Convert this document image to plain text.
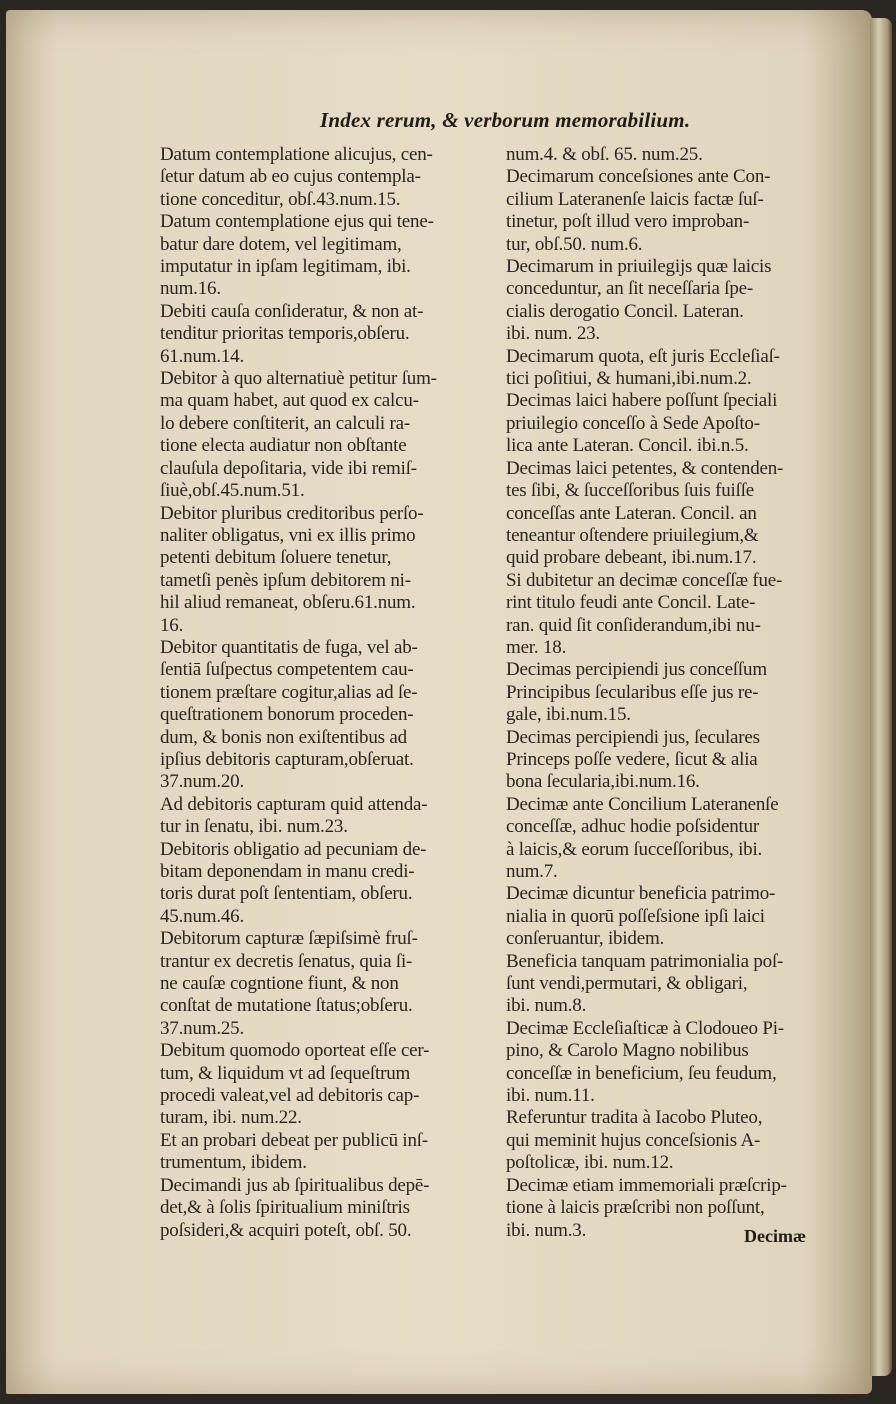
Index rerum, & verborum memorabilium.

Datum contemplatione alicujus, cen-
ſetur datum ab eo cujus contempla-
tione conceditur, obſ.43.num.15.

Datum contemplatione ejus qui tene-
batur dare dotem, vel legitimam,
imputatur in ipſam legitimam, ibi.
num.16.

Debiti cauſa conſideratur, & non at-
tenditur prioritas temporis,obſeru.
61.num.14.

Debitor à quo alternatiuè petitur ſum-
ma quam habet, aut quod ex calcu-
lo debere conſtiterit, an calculi ra-
tione electa audiatur non obſtante
clauſula depoſitaria, vide ibi remiſ-
ſiuè,obſ.45.num.51.

Debitor pluribus creditoribus perſo-
naliter obligatus, vni ex illis primo
petenti debitum ſoluere tenetur,
tametſi penès ipſum debitorem ni-
hil aliud remaneat, obſeru.61.num.
16.

Debitor quantitatis de fuga, vel ab-
ſentiā ſuſpectus competentem cau-
tionem præſtare cogitur,alias ad ſe-
queſtrationem bonorum proceden-
dum, & bonis non exiſtentibus ad
ipſius debitoris capturam,obſeruat.
37.num.20.

Ad debitoris capturam quid attenda-
tur in ſenatu, ibi. num.23.

Debitoris obligatio ad pecuniam de-
bitam deponendam in manu credi-
toris durat poſt ſententiam, obſeru.
45.num.46.

Debitorum capturæ ſæpiſsimè fruſ-
trantur ex decretis ſenatus, quia ſi-
ne cauſæ cogntione fiunt, & non
conſtat de mutatione ſtatus;obſeru.
37.num.25.

Debitum quomodo oporteat eſſe cer-
tum, & liquidum vt ad ſequeſtrum
procedi valeat,vel ad debitoris cap-
turam, ibi. num.22.

Et an probari debeat per publicū inſ-
trumentum, ibidem.

Decimandi jus ab ſpiritualibus depē-
det,& à ſolis ſpiritualium miniſtris
poſsideri,& acquiri poteſt, obſ. 50.

num.4. & obſ. 65. num.25.

Decimarum conceſsiones ante Con-
cilium Lateranenſe laicis factæ ſuſ-
tinetur, poſt illud vero improban-
tur, obſ.50. num.6.

Decimarum in priuilegijs quæ laicis
conceduntur, an ſit neceſſaria ſpe-
cialis derogatio Concil. Lateran.
ibi. num. 23.

Decimarum quota, eſt juris Eccleſiaſ-
tici poſitiui, & humani,ibi.num.2.

Decimas laici habere poſſunt ſpeciali
priuilegio conceſſo à Sede Apoſto-
lica ante Lateran. Concil. ibi.n.5.

Decimas laici petentes, & contenden-
tes ſibi, & ſucceſſoribus ſuis fuiſſe
conceſſas ante Lateran. Concil. an
teneantur oſtendere priuilegium,&
quid probare debeant, ibi.num.17.

Si dubitetur an decimæ conceſſæ fue-
rint titulo feudi ante Concil. Late-
ran. quid ſit conſiderandum,ibi nu-
mer. 18.

Decimas percipiendi jus conceſſum
Principibus ſecularibus eſſe jus re-
gale, ibi.num.15.

Decimas percipiendi jus, ſeculares
Princeps poſſe vedere, ſicut & alia
bona ſecularia,ibi.num.16.

Decimæ ante Concilium Lateranenſe
conceſſæ, adhuc hodie poſsidentur
à laicis,& eorum ſucceſſoribus, ibi.
num.7.

Decimæ dicuntur beneficia patrimo-
nialia in quorū poſſeſsione ipſi laici
conſeruantur, ibidem.

Beneficia tanquam patrimonialia poſ-
ſunt vendi,permutari, & obligari,
ibi. num.8.

Decimæ Eccleſiaſticæ à Clodoueo Pi-
pino, & Carolo Magno nobilibus
conceſſæ in beneficium, ſeu feudum,
ibi. num.11.

Referuntur tradita à Iacobo Pluteo,
qui meminit hujus conceſsionis A-
poſtolicæ, ibi. num.12.

Decimæ etiam immemoriali præſcrip-
tione à laicis præſcribi non poſſunt,
ibi. num.3.	Decimæ
